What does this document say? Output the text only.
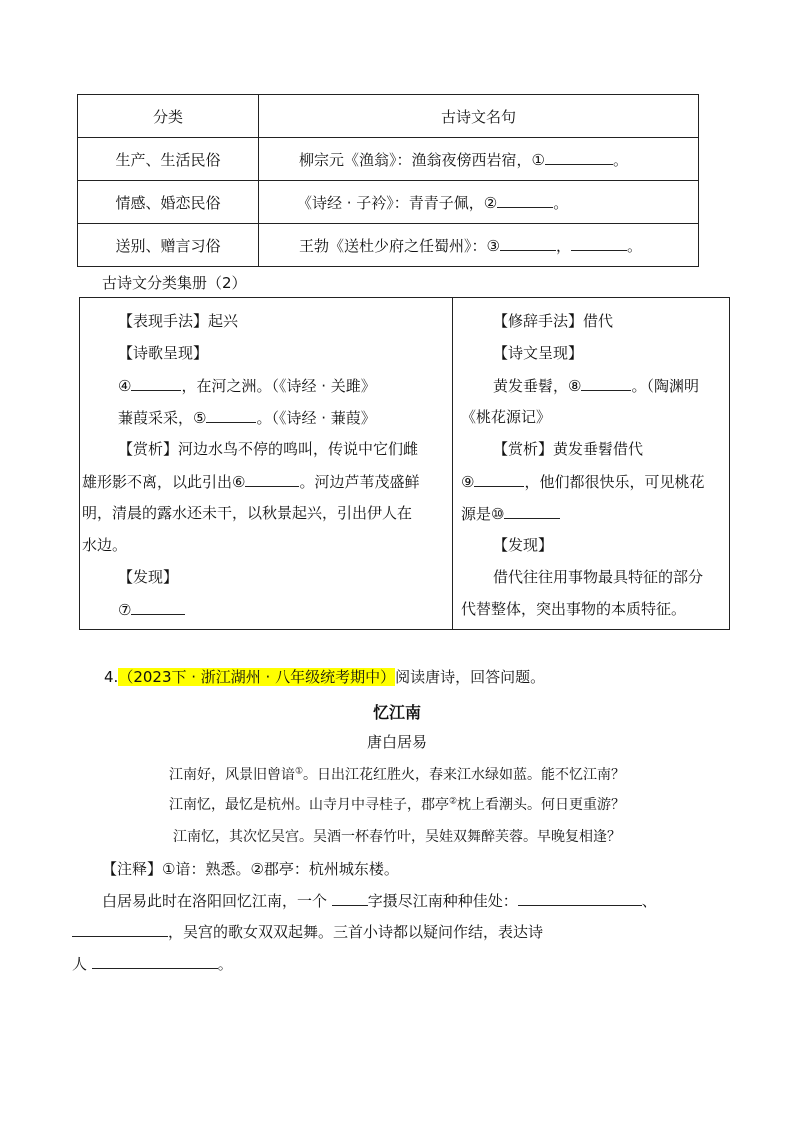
分类	古诗文名句
生产、生活民俗	柳宗元《渔翁》：渔翁夜傍西岩宿，① 。
情感、婚恋民俗	《诗经 · 子衿》：青青子佩，② 。
送别、赠言习俗	王勃《送杜少府之任蜀州》：③ ， 。
古诗文分类集册（2）
【表现手法】起兴
【诗歌呈现】
④	，在河之洲。（《诗经 · 关雎》
蒹葭采采，⑤	。（《诗经 · 蒹葭》
【赏析】河边水鸟不停的鸣叫，传说中它们雌
雄形影不离，以此引出⑥	。河边芦苇茂盛鲜
明，清晨的露水还未干，以秋景起兴，引出伊人在
水边。
【发现】
⑦

【修辞手法】借代
【诗文呈现】
黄发垂髫，⑧	。（陶渊明
《桃花源记》
【赏析】黄发垂髫借代
⑨	，他们都很快乐，可见桃花
源是⑩
【发现】
借代往往用事物最具特征的部分
代替整体，突出事物的本质特征。
4.（2023下 · 浙江湖州 · 八年级统考期中）阅读唐诗，回答问题。
忆江南
唐白居易
江南好，风景旧曾谙①。日出江花红胜火，春来江水绿如蓝。能不忆江南？
江南忆，最忆是杭州。山寺月中寻桂子，郡亭②枕上看潮头。何日更重游？
江南忆，其次忆吴宫。吴酒一杯春竹叶，吴娃双舞醉芙蓉。早晚复相逢？
【注释】①谙：熟悉。②郡亭：杭州城东楼。
白居易此时在洛阳回忆江南，一个 字摄尽江南种种佳处：	、
，吴宫的歌女双双起舞。三首小诗都以疑问作结，表达诗
人	。
